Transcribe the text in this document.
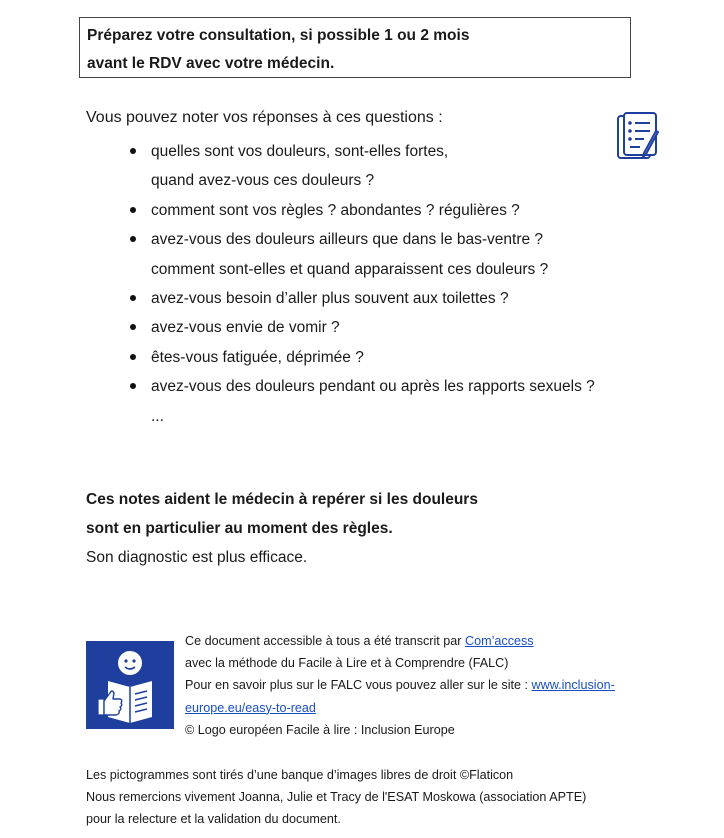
Préparez votre consultation, si possible 1 ou 2 mois
avant le RDV avec votre médecin.
Vous pouvez noter vos réponses à ces questions :
quelles sont vos douleurs, sont-elles fortes,
quand avez-vous ces douleurs ?
comment sont vos règles ? abondantes ? régulières ?
avez-vous des douleurs ailleurs que dans le bas-ventre ?
comment sont-elles et quand apparaissent ces douleurs ?
avez-vous besoin d’aller plus souvent aux toilettes ?
avez-vous envie de vomir ?
êtes-vous fatiguée, déprimée ?
avez-vous des douleurs pendant ou après les rapports sexuels ?
...
Ces notes aident le médecin à repérer si les douleurs
sont en particulier au moment des règles.
Son diagnostic est plus efficace.
Ce document accessible à tous a été transcrit par Com’access
avec la méthode du Facile à Lire et à Comprendre (FALC)
Pour en savoir plus sur le FALC vous pouvez aller sur le site : www.inclusion-
europe.eu/easy-to-read
© Logo européen Facile à lire : Inclusion Europe
Les pictogrammes sont tirés d’une banque d’images libres de droit ©Flaticon
Nous remercions vivement Joanna, Julie et Tracy de l'ESAT Moskowa (association APTE)
pour la relecture et la validation du document.
